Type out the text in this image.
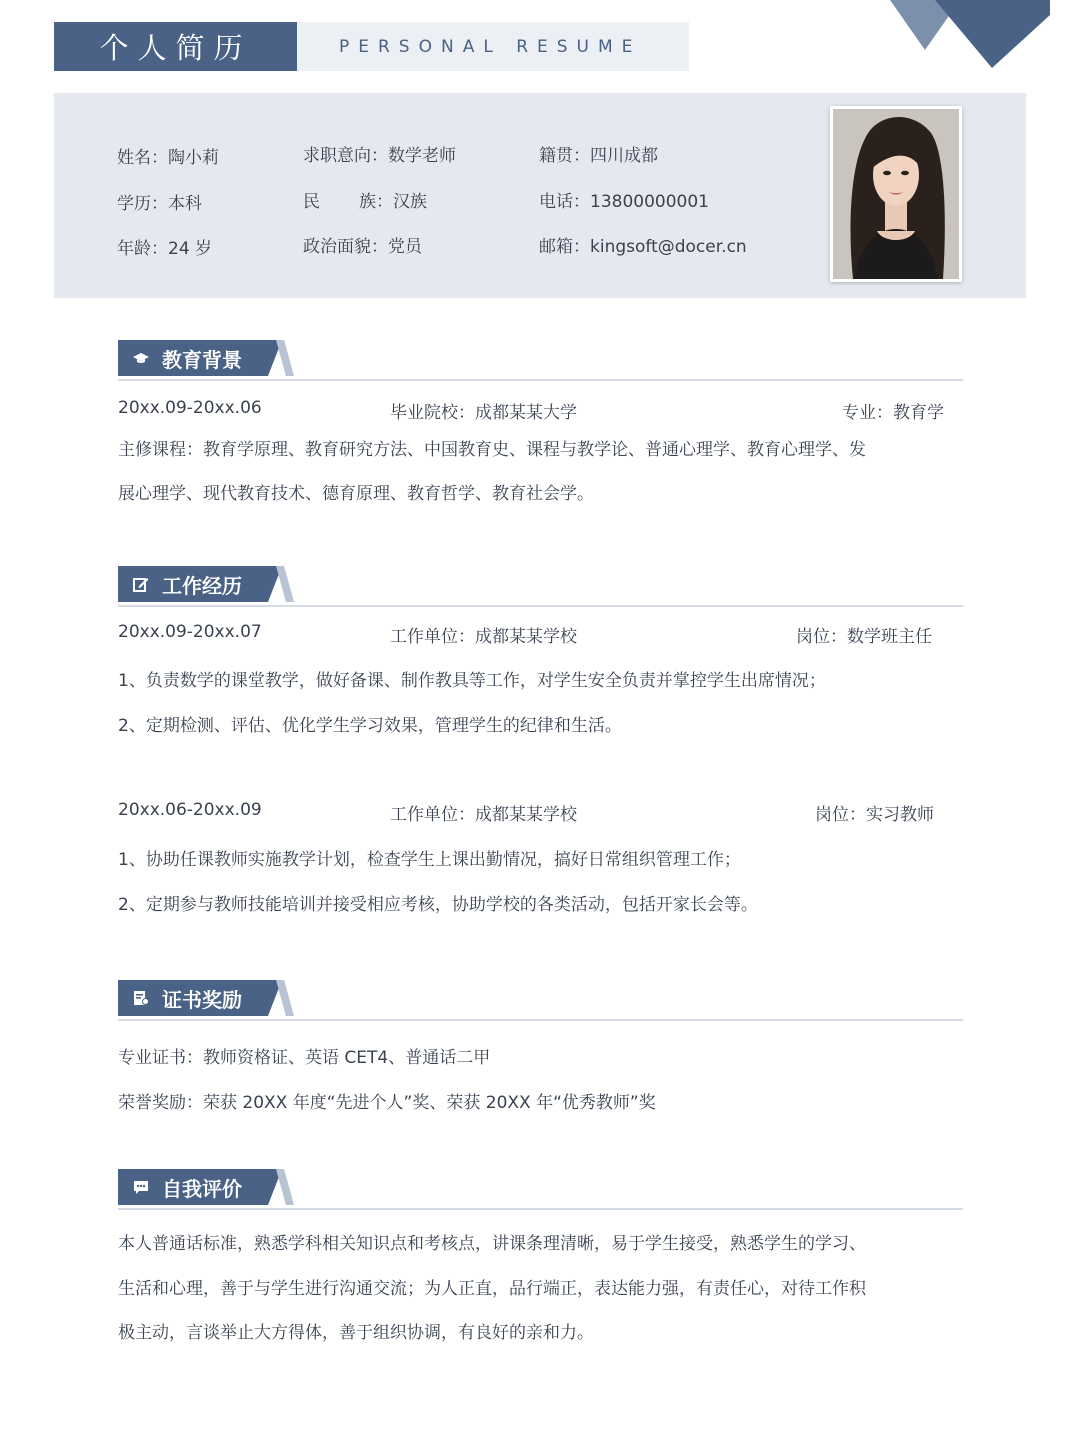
个人简历	PERSONAL RESUME
姓名：陶小莉	求职意向：数学老师	籍贯：四川成都
学历：本科	民 族：汉族	电话：13800000001
年龄：24 岁	政治面貌：党员	邮箱：kingsoft@docer.cn
教育背景
20xx.09-20xx.06	毕业院校：成都某某大学	专业：教育学
主修课程：教育学原理、教育研究方法、中国教育史、课程与教学论、普通心理学、教育心理学、发
展心理学、现代教育技术、德育原理、教育哲学、教育社会学。
工作经历
20xx.09-20xx.07	工作单位：成都某某学校	岗位：数学班主任
1、负责数学的课堂教学，做好备课、制作教具等工作，对学生安全负责并掌控学生出席情况；
2、定期检测、评估、优化学生学习效果，管理学生的纪律和生活。
20xx.06-20xx.09	工作单位：成都某某学校	岗位：实习教师
1、协助任课教师实施教学计划，检查学生上课出勤情况，搞好日常组织管理工作；
2、定期参与教师技能培训并接受相应考核，协助学校的各类活动，包括开家长会等。
证书奖励
专业证书：教师资格证、英语 CET4、普通话二甲
荣誉奖励：荣获 20XX 年度“先进个人”奖、荣获 20XX 年“优秀教师”奖
自我评价
本人普通话标准，熟悉学科相关知识点和考核点，讲课条理清晰，易于学生接受，熟悉学生的学习、
生活和心理，善于与学生进行沟通交流；为人正直，品行端正，表达能力强，有责任心，对待工作积
极主动，言谈举止大方得体，善于组织协调，有良好的亲和力。
